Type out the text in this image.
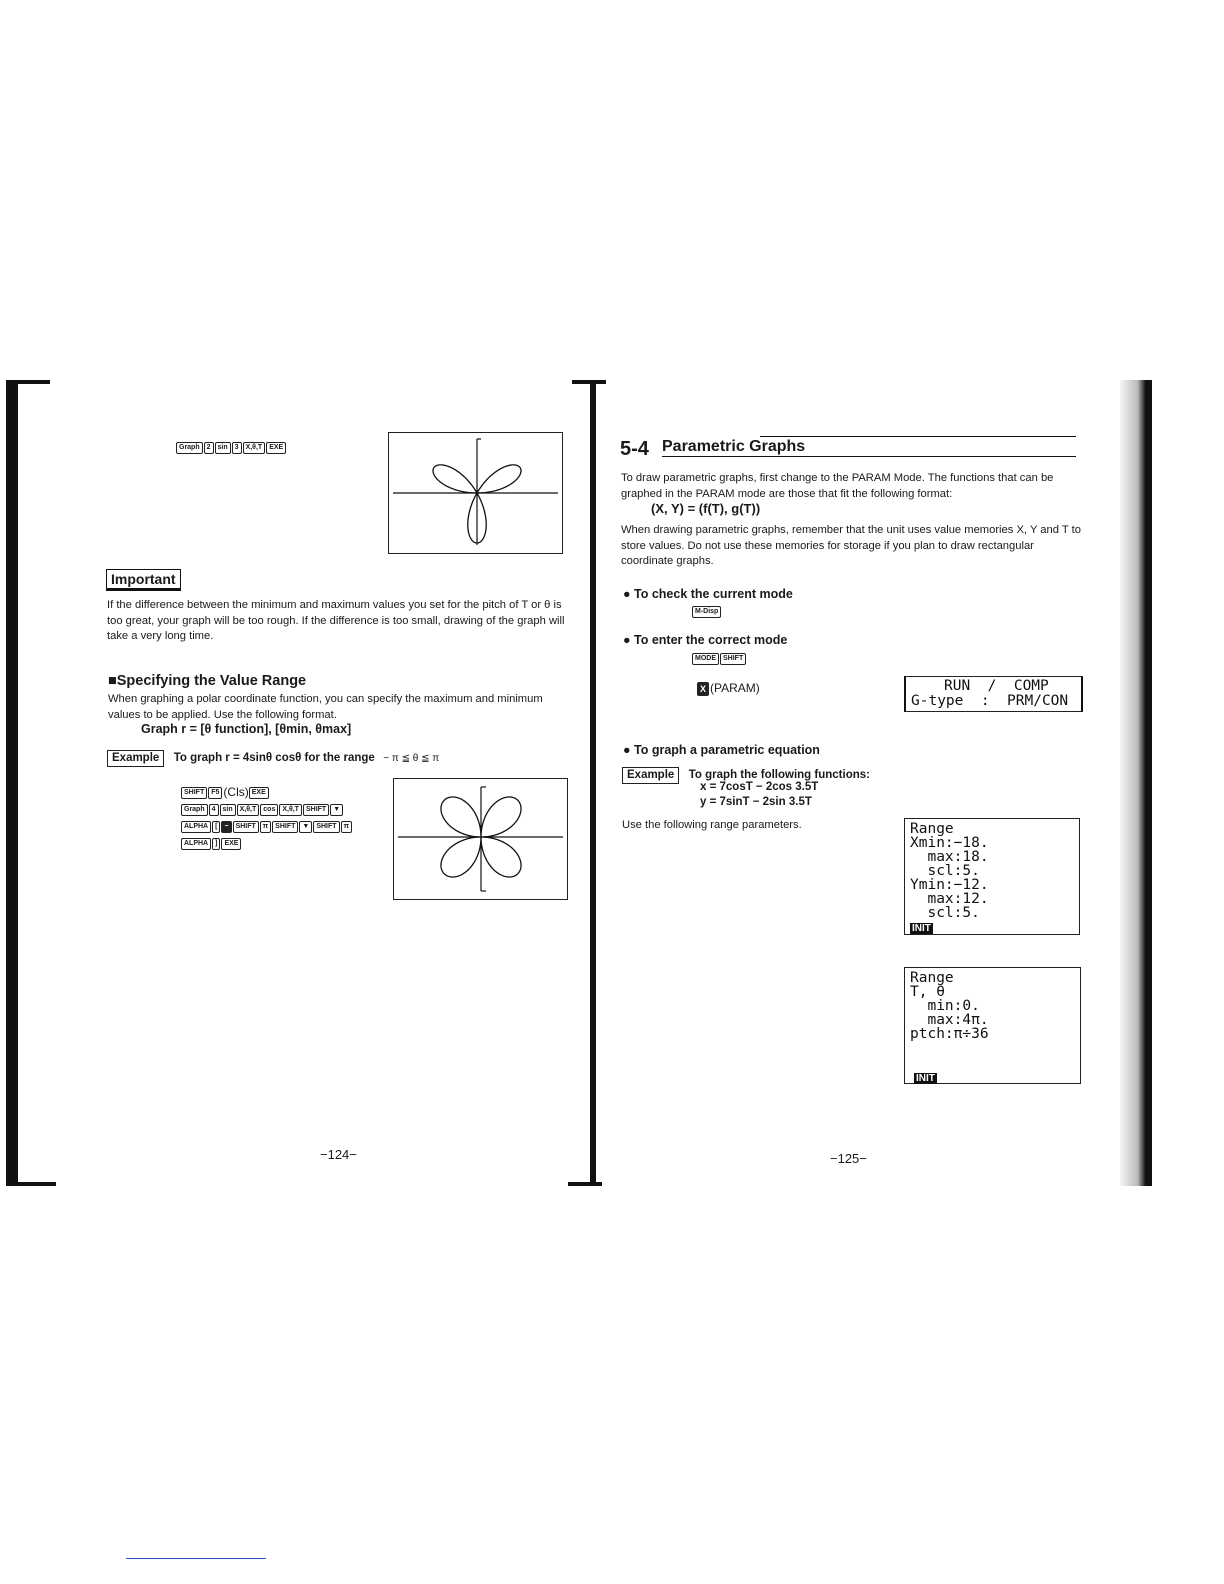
Graph 2 sin 3 X,θ,T EXE
Important
If the difference between the minimum and maximum values you set for the pitch of T or θ is too great, your graph will be too rough. If the difference is too small, drawing of the graph will take a very long time.
■Specifying the Value Range
When graphing a polar coordinate function, you can specify the maximum and minimum values to be applied. Use the following format.
Graph r = [θ function], [θmin, θmax]
Example To graph r = 4sinθ cosθ for the range − π ≦ θ ≦ π
SHIFT F5 (Cls) EXE
Graph 4 sin X,θ,T cos X,θ,T SHIFT ▼
ALPHA [ − SHIFT π SHIFT ▼ SHIFT π
ALPHA ] EXE
−124−
5-4 Parametric Graphs
To draw parametric graphs, first change to the PARAM Mode. The functions that can be graphed in the PARAM mode are those that fit the following format:
(X, Y) = (f(T), g(T))
When drawing parametric graphs, remember that the unit uses value memories X, Y and T to store values. Do not use these memories for storage if you plan to draw rectangular coordinate graphs.
● To check the current mode
M-Disp
● To enter the correct mode
MODE SHIFT
X (PARAM)	RUN  /  COMP
G-type  :  PRM/CON
● To graph a parametric equation
Example To graph the following functions:
x = 7cosT − 2cos 3.5T
y = 7sinT − 2sin 3.5T
Use the following range parameters.	Range
Xmin:−18.
max:18.
scl:5.
Ymin:−12.
max:12.
scl:5.
INIT
Range
T, θ
min:0.
max:4π.
ptch:π÷36
INIT
−125−
